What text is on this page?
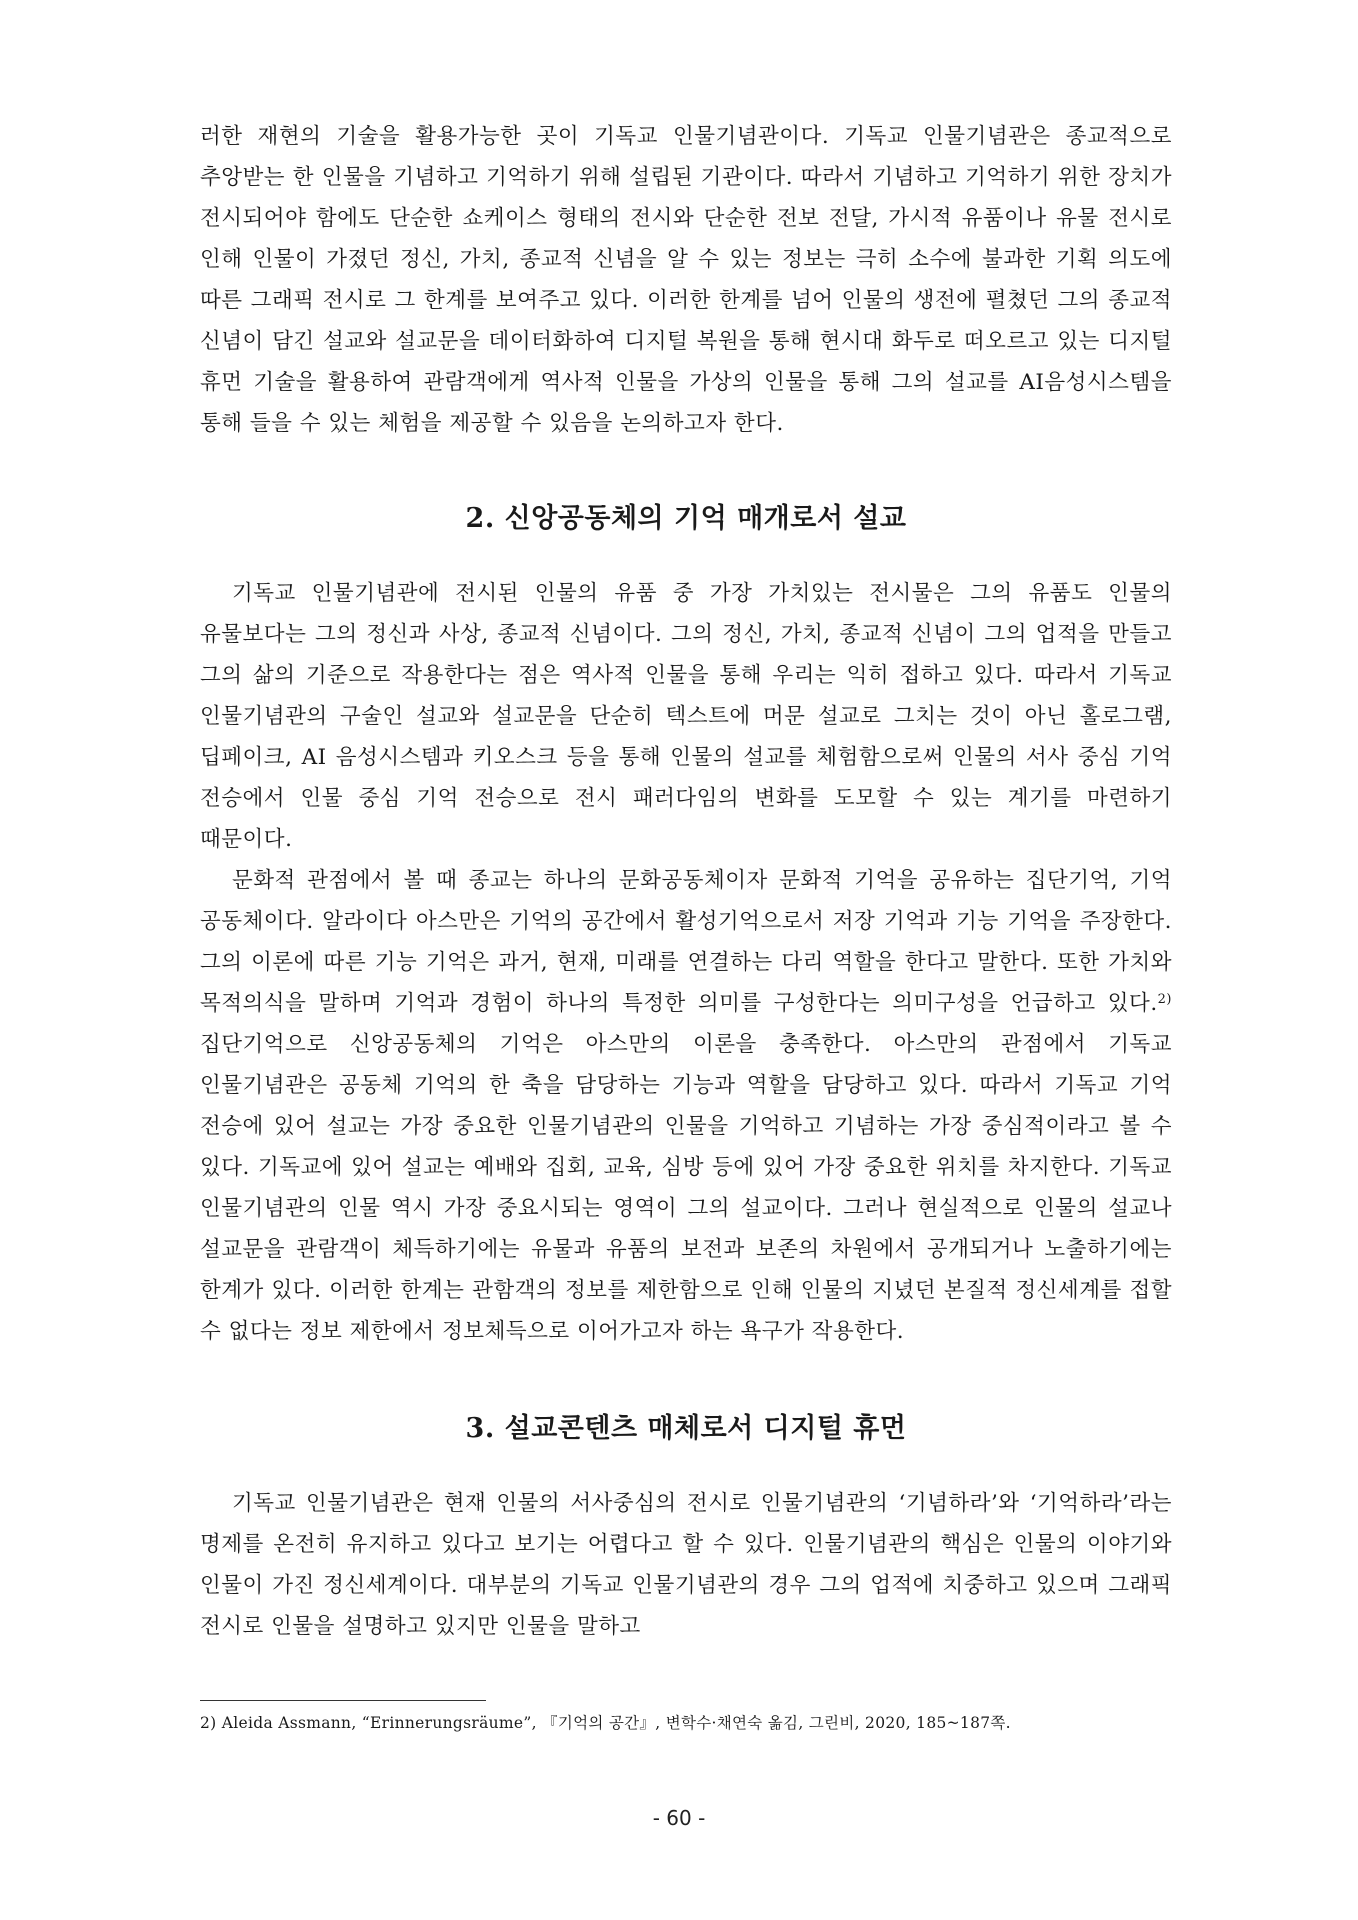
러한 재현의 기술을 활용가능한 곳이 기독교 인물기념관이다. 기독교 인물기념관은 종교적으로 추앙받는 한 인물을 기념하고 기억하기 위해 설립된 기관이다. 따라서 기념하고 기억하기 위한 장치가 전시되어야 함에도 단순한 쇼케이스 형태의 전시와 단순한 전보 전달, 가시적 유품이나 유물 전시로 인해 인물이 가졌던 정신, 가치, 종교적 신념을 알 수 있는 정보는 극히 소수에 불과한 기획 의도에 따른 그래픽 전시로 그 한계를 보여주고 있다. 이러한 한계를 넘어 인물의 생전에 펼쳤던 그의 종교적 신념이 담긴 설교와 설교문을 데이터화하여 디지털 복원을 통해 현시대 화두로 떠오르고 있는 디지털 휴먼 기술을 활용하여 관람객에게 역사적 인물을 가상의 인물을 통해 그의 설교를 AI음성시스템을 통해 들을 수 있는 체험을 제공할 수 있음을 논의하고자 한다.

2. 신앙공동체의 기억 매개로서 설교

기독교 인물기념관에 전시된 인물의 유품 중 가장 가치있는 전시물은 그의 유품도 인물의 유물보다는 그의 정신과 사상, 종교적 신념이다. 그의 정신, 가치, 종교적 신념이 그의 업적을 만들고 그의 삶의 기준으로 작용한다는 점은 역사적 인물을 통해 우리는 익히 접하고 있다. 따라서 기독교 인물기념관의 구술인 설교와 설교문을 단순히 텍스트에 머문 설교로 그치는 것이 아닌 홀로그램, 딥페이크, AI 음성시스템과 키오스크 등을 통해 인물의 설교를 체험함으로써 인물의 서사 중심 기억 전승에서 인물 중심 기억 전승으로 전시 패러다임의 변화를 도모할 수 있는 계기를 마련하기 때문이다.

문화적 관점에서 볼 때 종교는 하나의 문화공동체이자 문화적 기억을 공유하는 집단기억, 기억 공동체이다. 알라이다 아스만은 기억의 공간에서 활성기억으로서 저장 기억과 기능 기억을 주장한다. 그의 이론에 따른 기능 기억은 과거, 현재, 미래를 연결하는 다리 역할을 한다고 말한다. 또한 가치와 목적의식을 말하며 기억과 경험이 하나의 특정한 의미를 구성한다는 의미구성을 언급하고 있다.$^{2)}$ 집단기억으로 신앙공동체의 기억은 아스만의 이론을 충족한다. 아스만의 관점에서 기독교 인물기념관은 공동체 기억의 한 축을 담당하는 기능과 역할을 담당하고 있다. 따라서 기독교 기억 전승에 있어 설교는 가장 중요한 인물기념관의 인물을 기억하고 기념하는 가장 중심적이라고 볼 수 있다. 기독교에 있어 설교는 예배와 집회, 교육, 심방 등에 있어 가장 중요한 위치를 차지한다. 기독교 인물기념관의 인물 역시 가장 중요시되는 영역이 그의 설교이다. 그러나 현실적으로 인물의 설교나 설교문을 관람객이 체득하기에는 유물과 유품의 보전과 보존의 차원에서 공개되거나 노출하기에는 한계가 있다. 이러한 한계는 관함객의 정보를 제한함으로 인해 인물의 지녔던 본질적 정신세계를 접할 수 없다는 정보 제한에서 정보체득으로 이어가고자 하는 욕구가 작용한다.

3. 설교콘텐츠 매체로서 디지털 휴먼

기독교 인물기념관은 현재 인물의 서사중심의 전시로 인물기념관의 ‘기념하라’와 ‘기억하라’라는 명제를 온전히 유지하고 있다고 보기는 어렵다고 할 수 있다. 인물기념관의 핵심은 인물의 이야기와 인물이 가진 정신세계이다. 대부분의 기독교 인물기념관의 경우 그의 업적에 치중하고 있으며 그래픽 전시로 인물을 설명하고 있지만 인물을 말하고

2) Aleida Assmann, “Erinnerungsräume”, 『기억의 공간』, 변학수·채연숙 옮김, 그린비, 2020, 185~187쪽.

- 60 -
